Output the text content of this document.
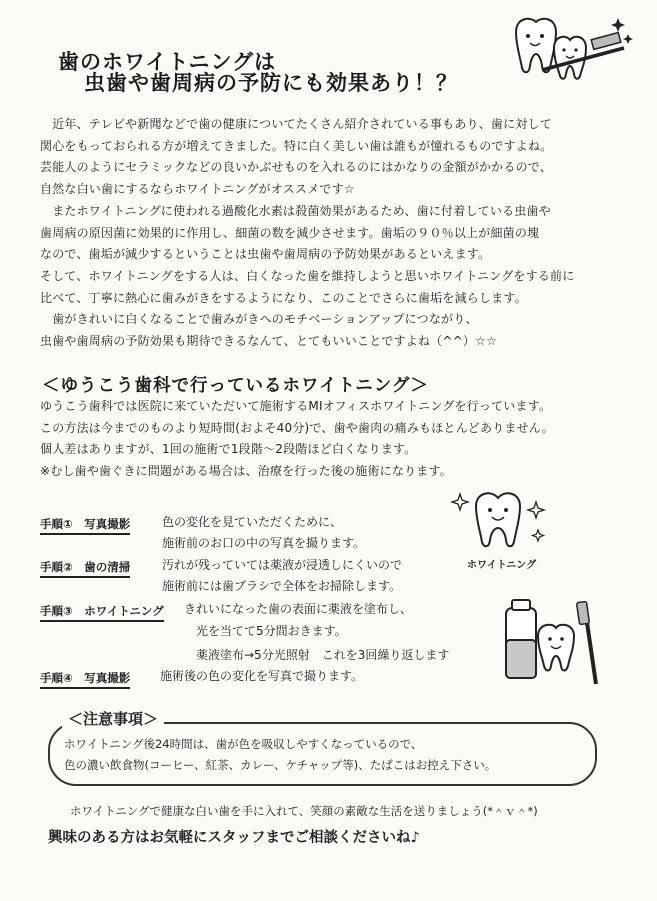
歯のホワイトニングは
虫歯や歯周病の予防にも効果あり！？
　近年、テレビや新聞などで歯の健康についてたくさん紹介されている事もあり、歯に対して
関心をもっておられる方が増えてきました。特に白く美しい歯は誰もが憧れるものですよね。
芸能人のようにセラミックなどの良いかぶせものを入れるのにはかなりの金額がかかるので、
自然な白い歯にするならホワイトニングがオススメです☆
　またホワイトニングに使われる過酸化水素は殺菌効果があるため、歯に付着している虫歯や
歯周病の原因菌に効果的に作用し、細菌の数を減少させます。歯垢の９０％以上が細菌の塊
なので、歯垢が減少するということは虫歯や歯周病の予防効果があるといえます。
そして、ホワイトニングをする人は、白くなった歯を維持しようと思いホワイトニングをする前に
比べて、丁寧に熱心に歯みがきをするようになり、このことでさらに歯垢を減らします。
　歯がきれいに白くなることで歯みがきへのモチベーションアップにつながり、
虫歯や歯周病の予防効果も期待できるなんて、とてもいいことですよね（^^）☆☆
＜ゆうこう歯科で行っているホワイトニング＞
ゆうこう歯科では医院に来ていただいて施術するMIオフィスホワイトニングを行っています。
この方法は今までのものより短時間(およそ40分)で、歯や歯肉の痛みもほとんどありません。
個人差はありますが、1回の施術で1段階～2段階ほど白くなります。
※むし歯や歯ぐきに問題がある場合は、治療を行った後の施術になります。
ホワイトニング
手順①　写真撮影	色の変化を見ていただくために、
施術前のお口の中の写真を撮ります。
手順②　歯の清掃	汚れが残っていては薬液が浸透しにくいので
施術前には歯ブラシで全体をお掃除します。
手順③　ホワイトニング きれいになった歯の表面に薬液を塗布し、
光を当てて5分間おきます。
薬液塗布→5分光照射　これを3回繰り返します
手順④　写真撮影 施術後の色の変化を写真で撮ります。
ホワイトニング後24時間は、歯が色を吸収しやすくなっているので、
色の濃い飲食物(コーヒー、紅茶、カレー、ケチャップ等)、たばこはお控え下さい。
＜注意事項＞
ホワイトニングで健康な白い歯を手に入れて、笑顔の素敵な生活を送りましょう(*＾ｖ＾*)
興味のある方はお気軽にスタッフまでご相談くださいね♪
